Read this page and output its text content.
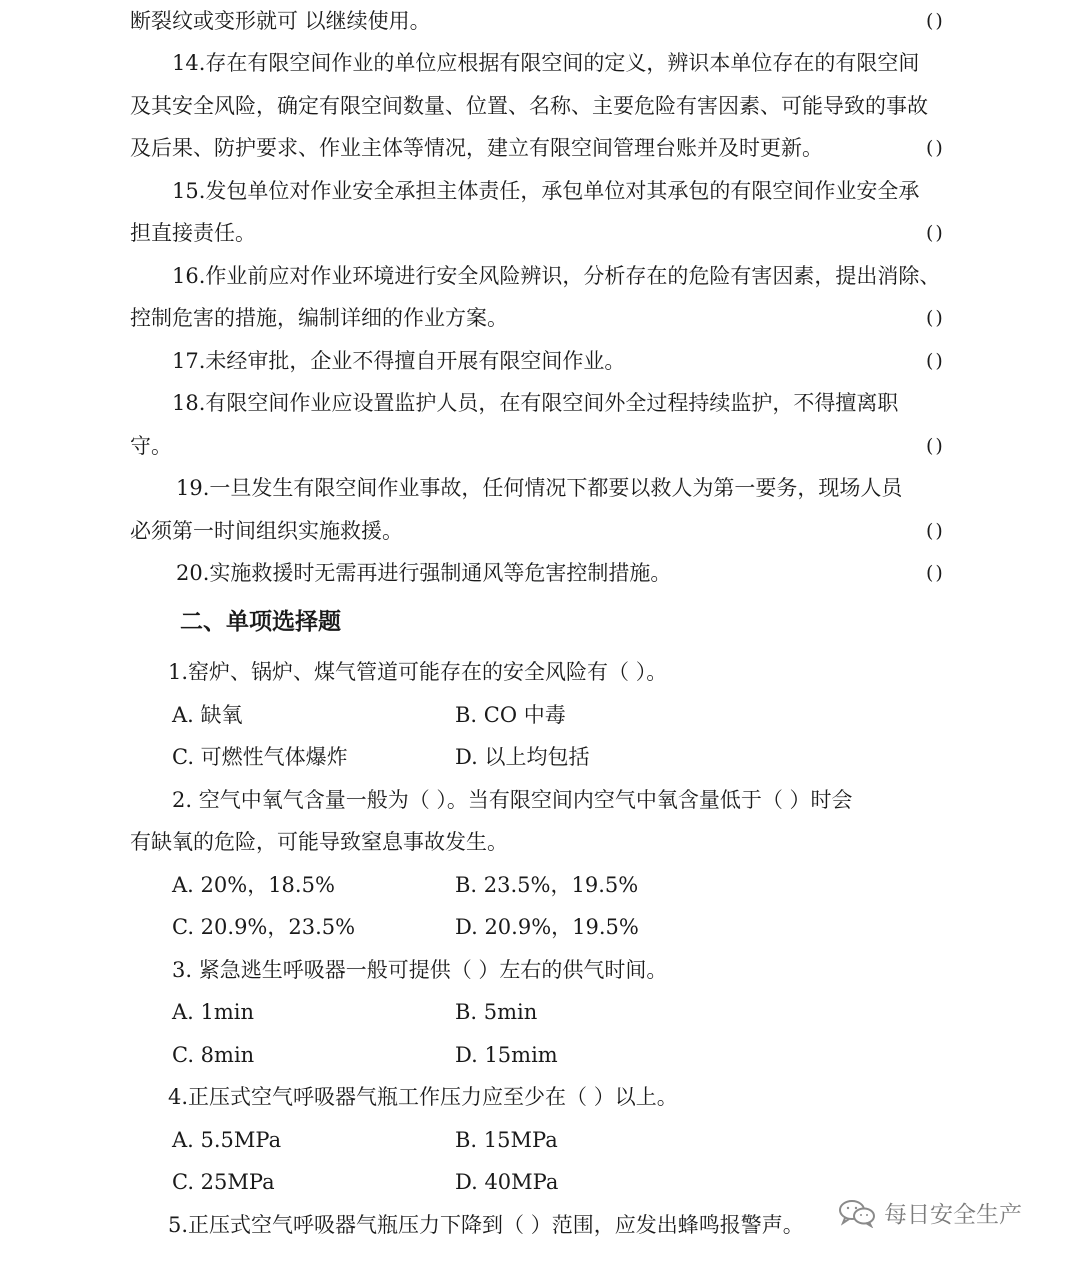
断裂纹或变形就可 以继续使用。	()
14.存在有限空间作业的单位应根据有限空间的定义，辨识本单位存在的有限空间
及其安全风险，确定有限空间数量、位置、名称、主要危险有害因素、可能导致的事故
及后果、防护要求、作业主体等情况，建立有限空间管理台账并及时更新。	()
15.发包单位对作业安全承担主体责任，承包单位对其承包的有限空间作业安全承
担直接责任。	()
16.作业前应对作业环境进行安全风险辨识，分析存在的危险有害因素，提出消除、
控制危害的措施，编制详细的作业方案。	()
17.未经审批，企业不得擅自开展有限空间作业。	()
18.有限空间作业应设置监护人员，在有限空间外全过程持续监护，不得擅离职
守。	()
19.一旦发生有限空间作业事故，任何情况下都要以救人为第一要务，现场人员
必须第一时间组织实施救援。	()
20.实施救援时无需再进行强制通风等危害控制措施。	()
二、单项选择题
1.窑炉、锅炉、煤气管道可能存在的安全风险有（ ）。
A. 缺氧	B. CO 中毒
C. 可燃性气体爆炸	D. 以上均包括
2. 空气中氧气含量一般为（ ）。当有限空间内空气中氧含量低于（ ）时会
有缺氧的危险，可能导致窒息事故发生。
A. 20%，18.5%	B. 23.5%，19.5%
C. 20.9%，23.5%	D. 20.9%，19.5%
3. 紧急逃生呼吸器一般可提供（ ）左右的供气时间。
A. 1min	B. 5min
C. 8min	D. 15mim
4.正压式空气呼吸器气瓶工作压力应至少在（ ）以上。
A. 5.5MPa	B. 15MPa
C. 25MPa	D. 40MPa
5.正压式空气呼吸器气瓶压力下降到（ ）范围，应发出蜂鸣报警声。	每日安全生产
